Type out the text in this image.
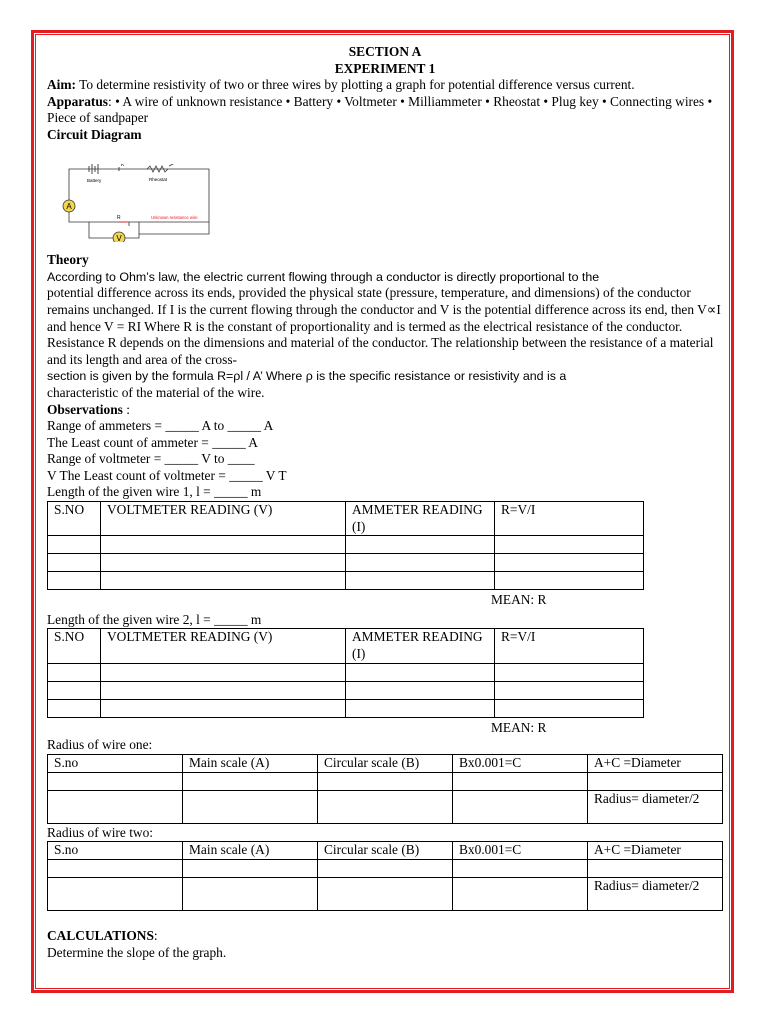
SECTION A

EXPERIMENT 1

Aim: To determine resistivity of two or three wires by plotting a graph for potential difference versus current.

Apparatus: • A wire of unknown resistance • Battery • Voltmeter • Milliammeter • Rheostat • Plug key • Connecting wires • Piece of sandpaper

Circuit Diagram

A
V
Battery	Rheostat
K
R	Unknown resistance wire

Theory

According to Ohm’s law, the electric current flowing through a conductor is directly proportional to the

potential difference across its ends, provided the physical state (pressure, temperature, and dimensions) of the conductor remains unchanged. If I is the current flowing through the conductor and V is the potential difference across its end, then V∝I and hence V = RI Where R is the constant of proportionality and is termed as the electrical resistance of the conductor. Resistance R depends on the dimensions and material of the conductor. The relationship between the resistance of a material and its length and area of the cross-

section is given by the formula R=ρl / A’ Where ρ is the specific resistance or resistivity and is a

characteristic of the material of the wire.

Observations :

Range of ammeters = _____ A to _____ A

The Least count of ammeter = _____ A

Range of voltmeter = _____ V to ____

V The Least count of voltmeter = _____ V T

Length of the given wire 1, l = _____ m

S.NO	VOLTMETER READING (V)	AMMETER READING (I)	R=V/I

MEAN: R

Length of the given wire 2, l = _____ m

S.NO	VOLTMETER READING (V)	AMMETER READING (I)	R=V/I

MEAN: R

Radius of wire one:

S.no	Main scale (A)	Circular scale (B)	Bx0.001=C	A+C =Diameter

				Radius= diameter/2

Radius of wire two:

S.no	Main scale (A)	Circular scale (B)	Bx0.001=C	A+C =Diameter

				Radius= diameter/2

CALCULATIONS:

Determine the slope of the graph.
